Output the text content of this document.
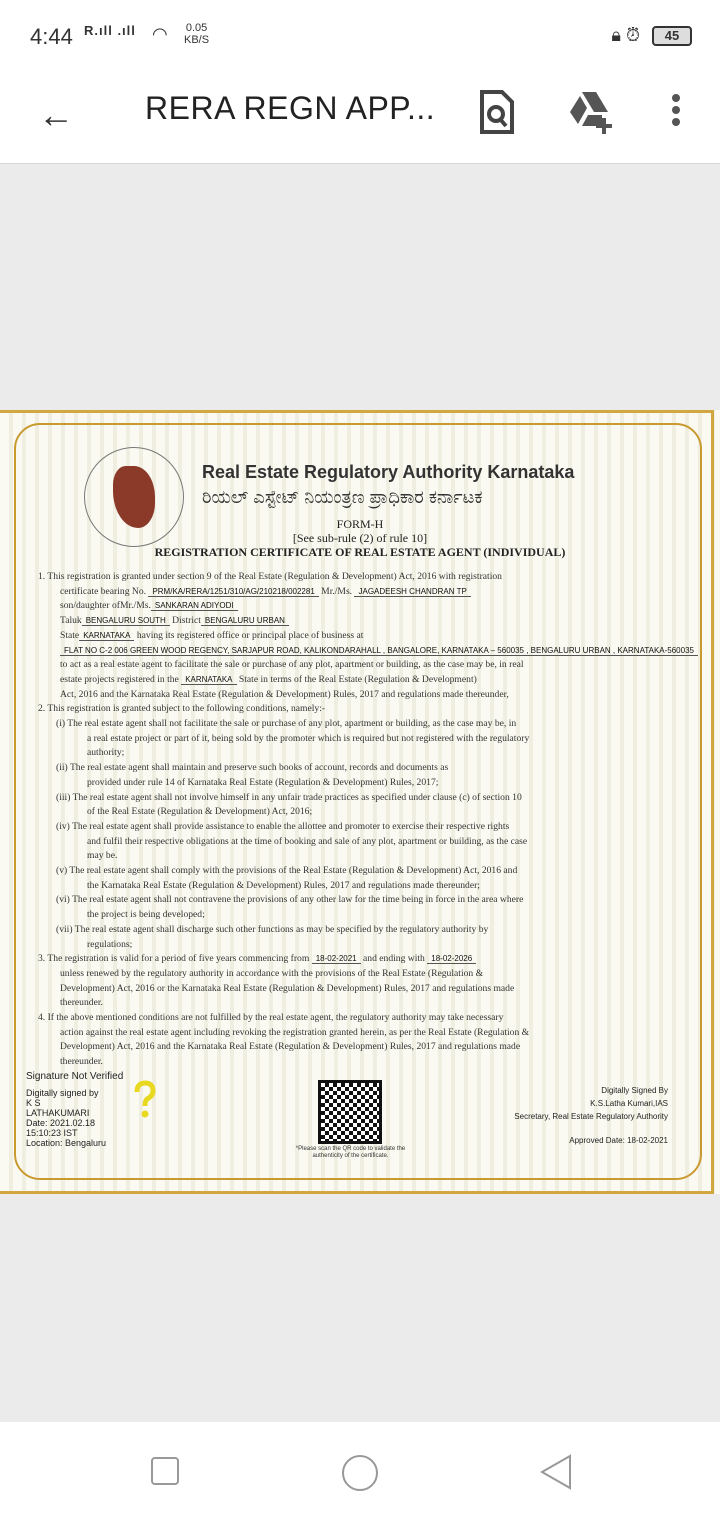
4:44 R.ıll .ıll ◠ 0.05
KB/S	🔒︎ ⏰︎	45
← RERA REGN APP...
Real Estate Regulatory Authority Karnataka
ರಿಯಲ್ ಎಸ್ಟೇಟ್ ನಿಯಂತ್ರಣ ಪ್ರಾಧಿಕಾರ ಕರ್ನಾಟಕ
FORM-H
[See sub-rule (2) of rule 10]
REGISTRATION CERTIFICATE OF REAL ESTATE AGENT (INDIVIDUAL)
1. This registration is granted under section 9 of the Real Estate (Regulation & Development) Act, 2016 with registration
certificate bearing No. PRM/KA/RERA/1251/310/AG/210218/002281 Mr./Ms. JAGADEESH CHANDRAN TP
son/daughter ofMr./Ms. SANKARAN ADIYODI
Taluk BENGALURU SOUTH District BENGALURU URBAN
State KARNATAKA having its registered office or principal place of business at
FLAT NO C-2 006 GREEN WOOD REGENCY, SARJAPUR ROAD, KALIKONDARAHALL , BANGALORE, KARNATAKA – 560035 , BENGALURU URBAN , KARNATAKA-560035
to act as a real estate agent to facilitate the sale or purchase of any plot, apartment or building, as the case may be, in real
estate projects registered in the KARNATAKA State in terms of the Real Estate (Regulation & Development)
Act, 2016 and the Karnataka Real Estate (Regulation & Development) Rules, 2017 and regulations made thereunder,
2. This registration is granted subject to the following conditions, namely:-
(i) The real estate agent shall not facilitate the sale or purchase of any plot, apartment or building, as the case may be, in
a real estate project or part of it, being sold by the promoter which is required but not registered with the regulatory
authority;
(ii) The real estate agent shall maintain and preserve such books of account, records and documents as
provided under rule 14 of Karnataka Real Estate (Regulation & Development) Rules, 2017;
(iii) The real estate agent shall not involve himself in any unfair trade practices as specified under clause (c) of section 10
of the Real Estate (Regulation & Development) Act, 2016;
(iv) The real estate agent shall provide assistance to enable the allottee and promoter to exercise their respective rights
and fulfil their respective obligations at the time of booking and sale of any plot, apartment or building, as the case
may be.
(v) The real estate agent shall comply with the provisions of the Real Estate (Regulation & Development) Act, 2016 and
the Karnataka Real Estate (Regulation & Development) Rules, 2017 and regulations made thereunder;
(vi) The real estate agent shall not contravene the provisions of any other law for the time being in force in the area where
the project is being developed;
(vii) The real estate agent shall discharge such other functions as may be specified by the regulatory authority by
regulations;
3. The registration is valid for a period of five years commencing from 18-02-2021 and ending with 18-02-2026
unless renewed by the regulatory authority in accordance with the provisions of the Real Estate (Regulation &
Development) Act, 2016 or the Karnataka Real Estate (Regulation & Development) Rules, 2017 and regulations made
thereunder.
4. If the above mentioned conditions are not fulfilled by the real estate agent, the regulatory authority may take necessary
action against the real estate agent including revoking the registration granted herein, as per the Real Estate (Regulation &
Development) Act, 2016 and the Karnataka Real Estate (Regulation & Development) Rules, 2017 and regulations made
thereunder.
Signature Not Verified
Digitally signed by
K S
LATHAKUMARI
Date: 2021.02.18
15:10:23 IST
Location: Bengaluru
*Please scan the QR code to validate the authenticity of the certificate.
Digitally Signed By
K.S.Latha Kumari,IAS
Secretary, Real Estate Regulatory Authority
Approved Date: 18-02-2021
